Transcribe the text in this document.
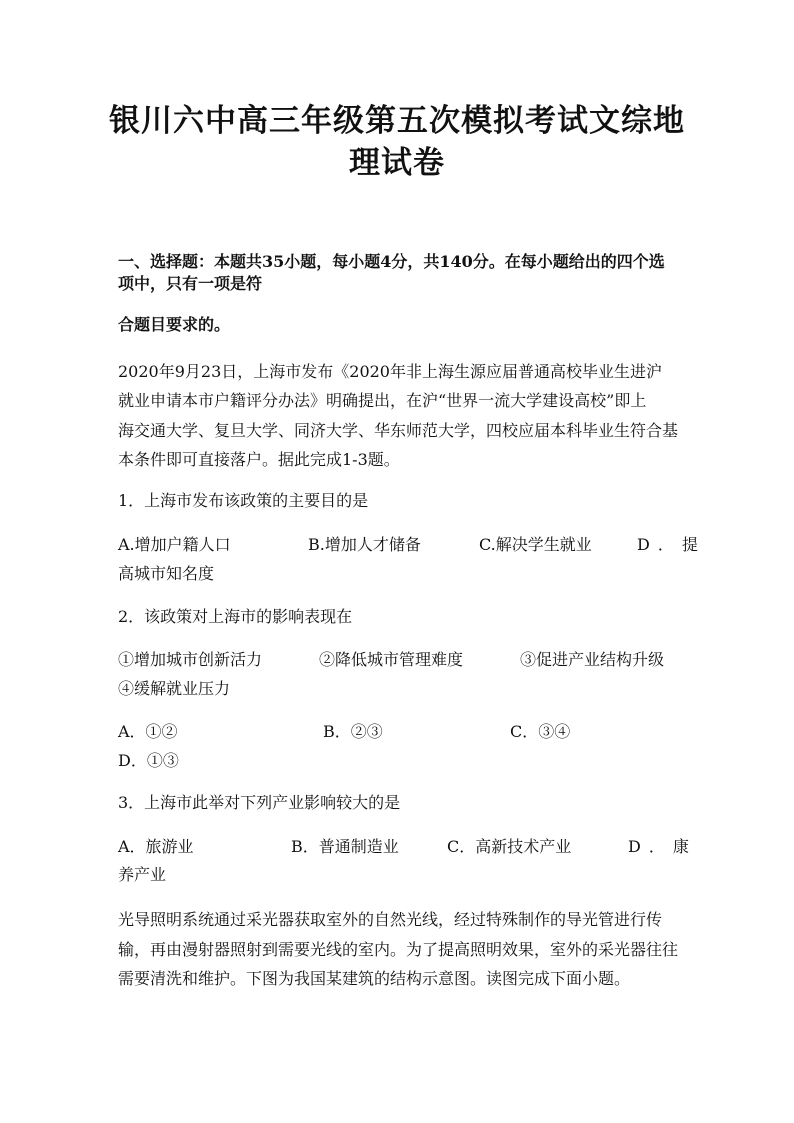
银川六中高三年级第五次模拟考试文综地
理试卷
一、选择题：本题共35小题，每小题4分，共140分。在每小题给出的四个选
项中，只有一项是符
合题目要求的。
2020年9月23日，上海市发布《2020年非上海生源应届普通高校毕业生进沪
就业申请本市户籍评分办法》明确提出，在沪“世界一流大学建设高校”即上
海交通大学、复旦大学、同济大学、华东师范大学，四校应届本科毕业生符合基
本条件即可直接落户。据此完成1-3题。
1．上海市发布该政策的主要目的是
A.增加户籍人口	B.增加人才储备	C.解决学生就业	D．提
高城市知名度
2．该政策对上海市的影响表现在
①增加城市创新活力	②降低城市管理难度	③促进产业结构升级
④缓解就业压力
A．①②	B．②③	C．③④
D．①③
3．上海市此举对下列产业影响较大的是
A．旅游业	B．普通制造业	C．高新技术产业	D．康
养产业
光导照明系统通过采光器获取室外的自然光线，经过特殊制作的导光管进行传
输，再由漫射器照射到需要光线的室内。为了提高照明效果，室外的采光器往往
需要清洗和维护。下图为我国某建筑的结构示意图。读图完成下面小题。
